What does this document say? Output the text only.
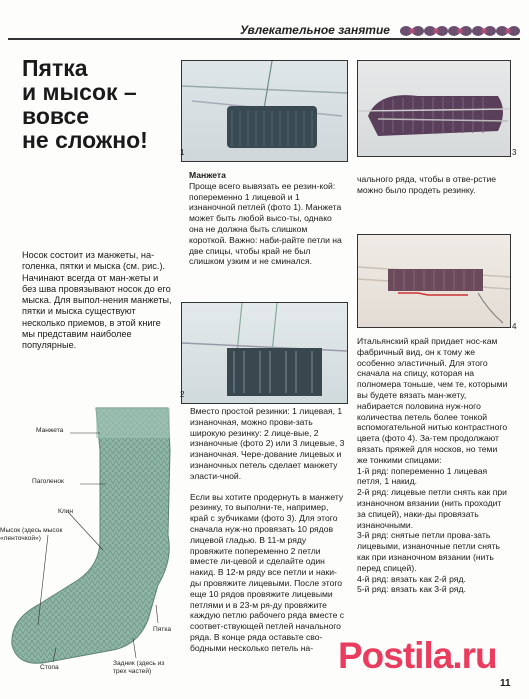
Увлекательное занятие
Пятка
и мысок –
вовсе
не сложно!
Носок состоит из манжеты, на-голенка, пятки и мыска (см. рис.). Начинают всегда от ман-жеты и без шва провязывают носок до его мыска. Для выпол-нения манжеты, пятки и мыска существуют несколько приемов, в этой книге мы представим наиболее популярные.
1	3
4
2
Манжета
Проще всего вывязать ее резин-кой: попеременно 1 лицевой и 1 изнаночной петлей (фото 1). Манжета может быть любой высо-ты, однако она не должна быть слишком короткой. Важно: наби-райте петли на две спицы, чтобы край не был слишком узким и не сминался.
Вместо простой резинки: 1 лицевая, 1 изнаночная, можно прови-зать широкую резинку: 2 лице-вые, 2 изнаночные (фото 2) или 3 лицевые, 3 изнаночная. Чере-дование лицевых и изнаночных петель сделает манжету эласти-чной.
Если вы хотите продернуть в манжету резинку, то выполни-те, например, край с зубчиками (фото 3). Для этого сначала нуж-но провязать 10 рядов лицевой гладью. В 11-м ряду провяжите попеременно 2 петли вместе ли-цевой и сделайте один накид. В 12-м ряду все петли и наки-ды провяжите лицевыми. После этого еще 10 рядов провяжите лицевыми петлями и в 23-м ря-ду провяжите каждую петлю рабочего ряда вместе с соответ-ствующей петлей начального ряда. В конце ряда оставьте сво-бодными несколько петель на-
чального ряда, чтобы в отве-рстие можно было продеть резинку.
Итальянский край придает нос-кам фабричный вид, он к тому же особенно эластичный. Для этого сначала на спицу, которая на полномера тоньше, чем те, которыми вы будете вязать ман-жету, набирается половина нуж-ного количества петель более тонкой вспомогательной нитью контрастного цвета (фото 4). За-тем продолжают вязать пряжей для носков, но теми же тонкими спицами:
1-й ряд: попеременно 1 лицевая петля, 1 накид.
2-й ряд: лицевые петли снять как при изнаночном вязании (нить проходит за спицей), наки-ды провязать изнаночными.
3-й ряд: снятые петли прова-зать лицевыми, изнаночные петли снять как при изнаночном вязании (нить перед спицей).
4-й ряд: вязать как 2-й ряд.
5-й ряд: вязать как 3-й ряд.
Манжета
Паголенок
Клин
Мысок (здесь мысок «ленточкой»)
Стопа
Задник (здесь из трех частей)
Пятка
Postila.ru
11
